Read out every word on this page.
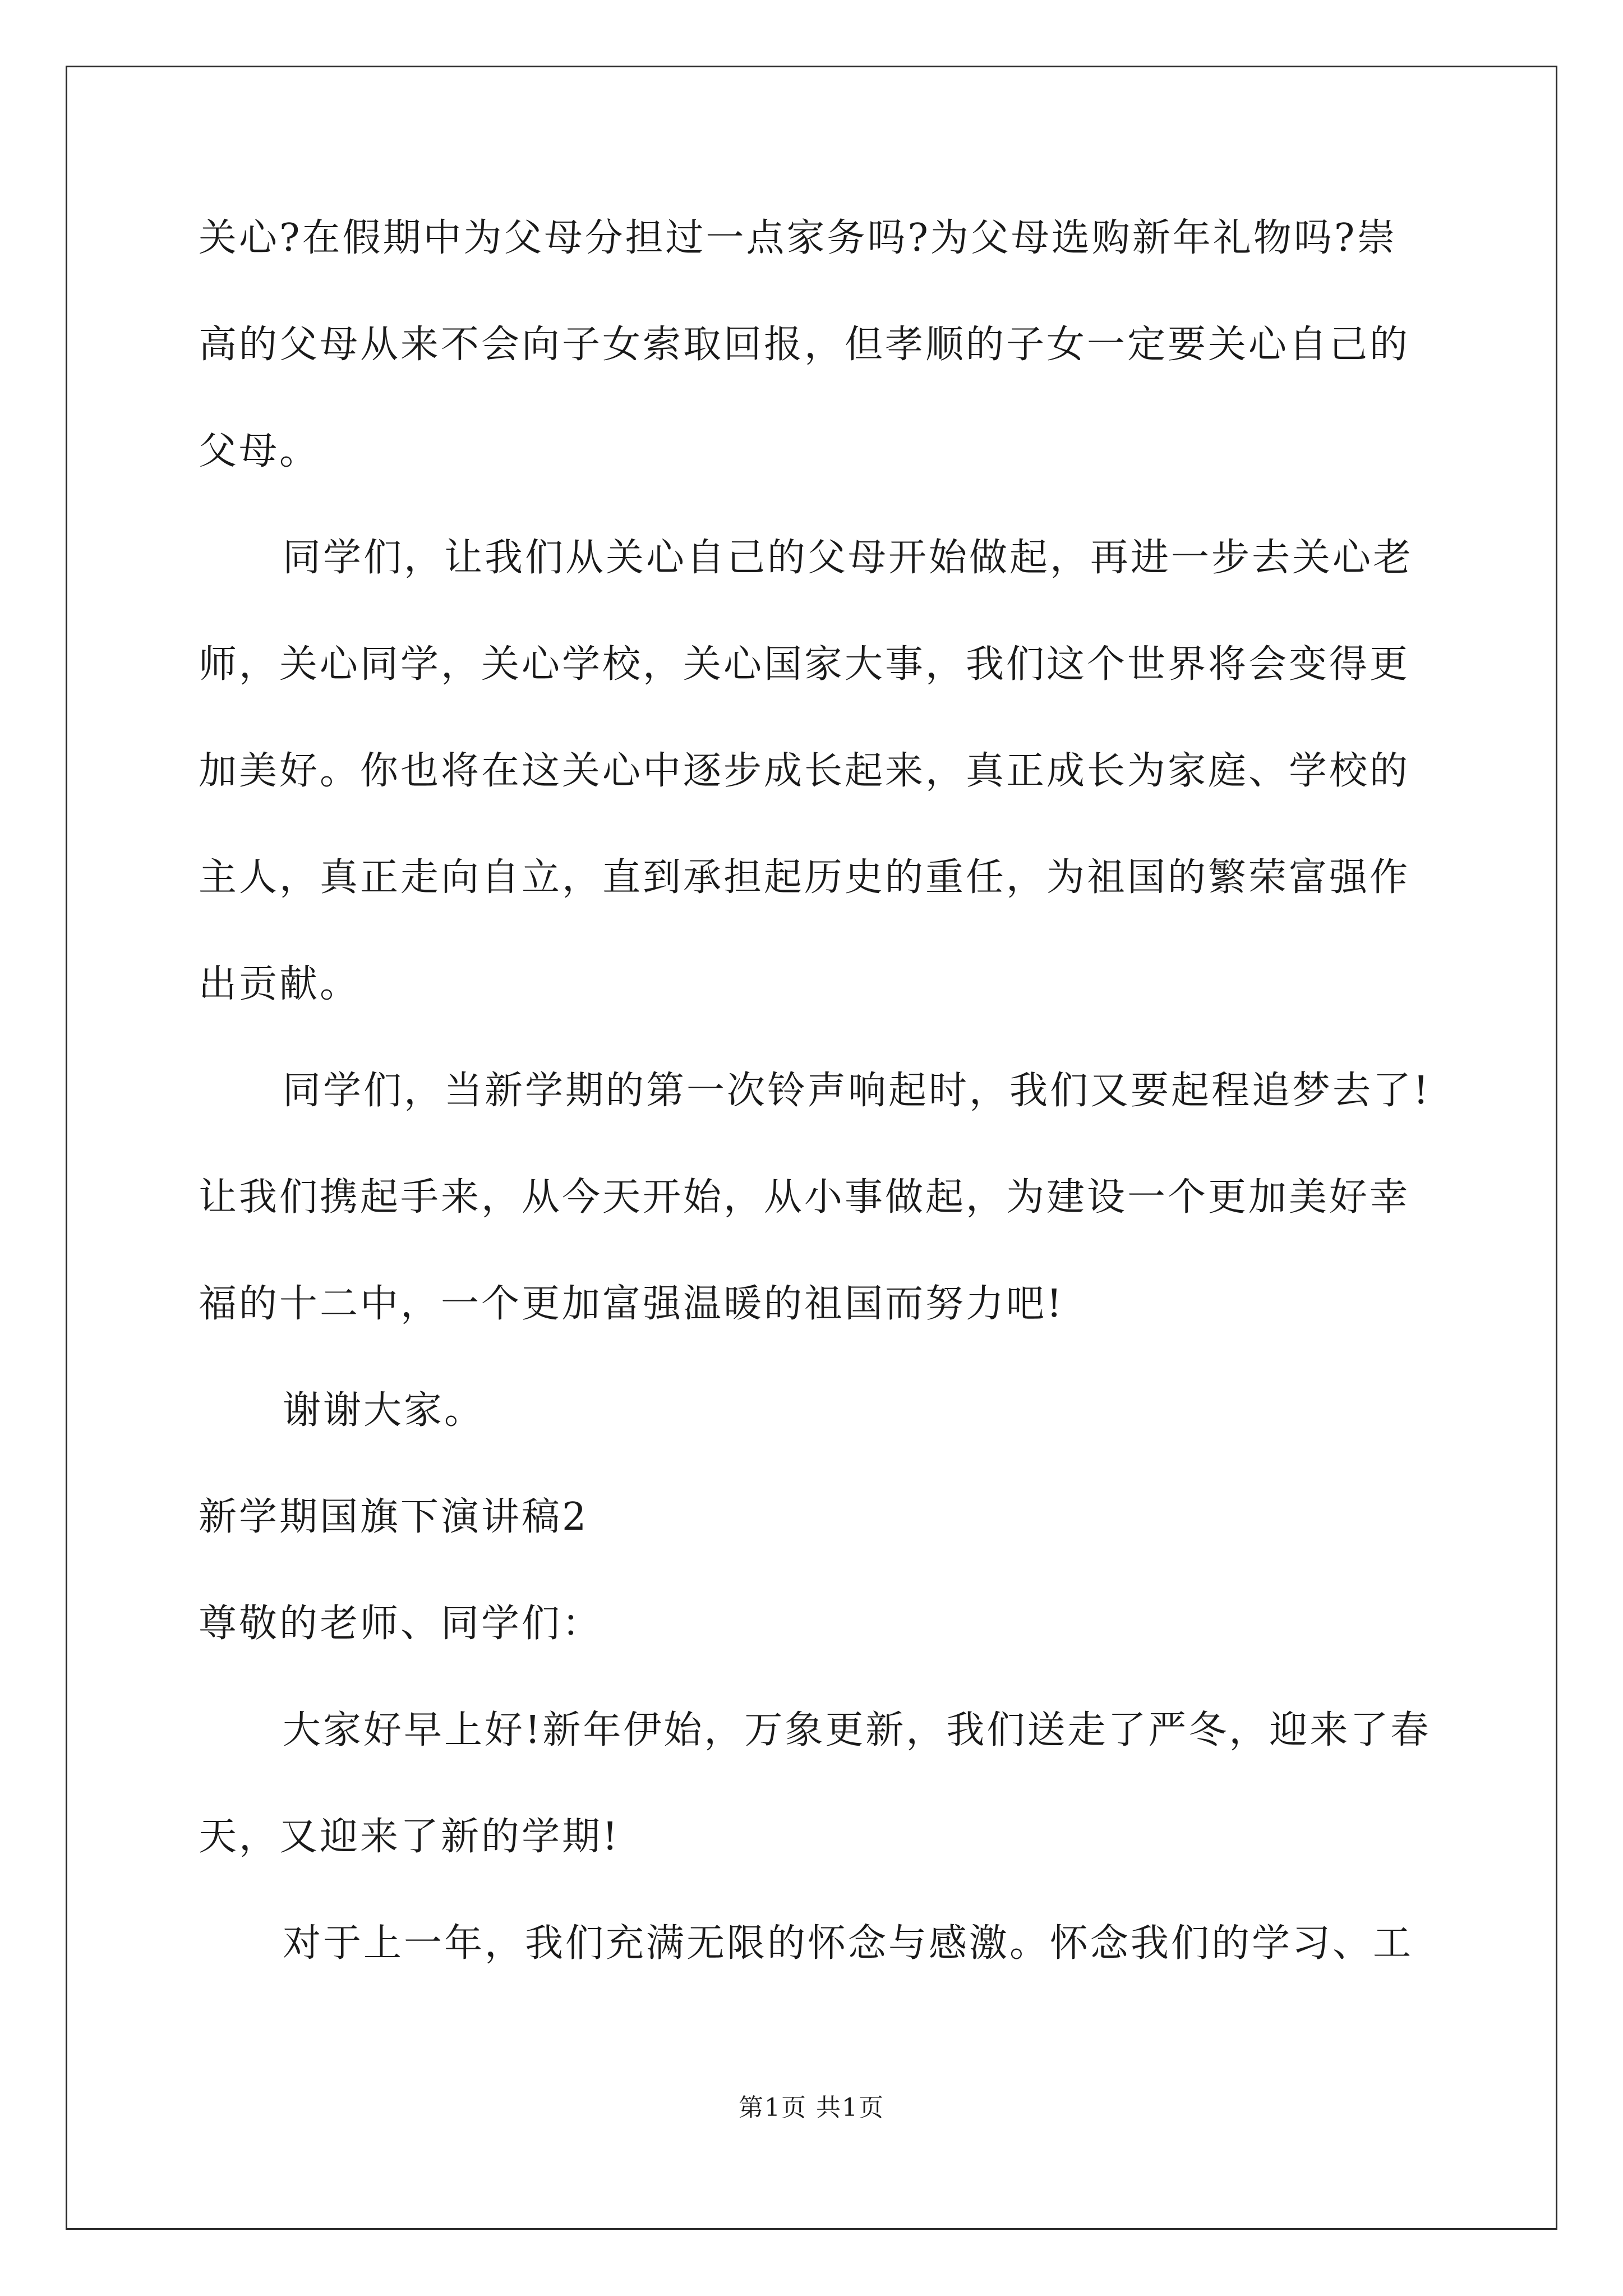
关心?在假期中为父母分担过一点家务吗?为父母选购新年礼物吗?崇
高的父母从来不会向子女索取回报，但孝顺的子女一定要关心自己的
父母。
同学们，让我们从关心自己的父母开始做起，再进一步去关心老
师，关心同学，关心学校，关心国家大事，我们这个世界将会变得更
加美好。你也将在这关心中逐步成长起来，真正成长为家庭、学校的
主人，真正走向自立，直到承担起历史的重任，为祖国的繁荣富强作
出贡献。
同学们，当新学期的第一次铃声响起时，我们又要起程追梦去了!
让我们携起手来，从今天开始，从小事做起，为建设一个更加美好幸
福的十二中，一个更加富强温暖的祖国而努力吧!
谢谢大家。
新学期国旗下演讲稿2
尊敬的老师、同学们：
大家好早上好!新年伊始，万象更新，我们送走了严冬，迎来了春
天，又迎来了新的学期!
对于上一年，我们充满无限的怀念与感激。怀念我们的学习、工
第1页 共1页
